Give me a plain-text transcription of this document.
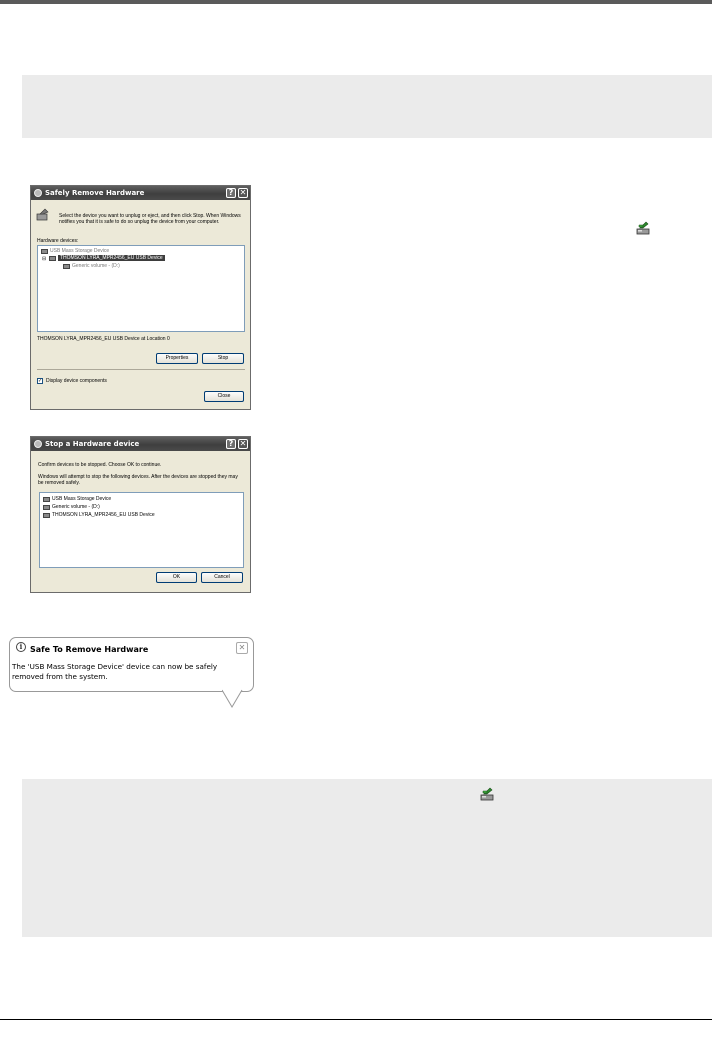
Safely Remove Hardware	? ✕
Select the device you want to unplug or eject, and then click Stop. When Windows notifies you that it is safe to do so unplug the device from your computer.
Hardware devices:
USB Mass Storage Device
⊟	THOMSON LYRA_MPR2456_EU USB Device
Generic volume - (D:)
THOMSON LYRA_MPR2456_EU USB Device at Location 0
Properties	Stop
✓ Display device components
Close
Stop a Hardware device	? ✕
Confirm devices to be stopped. Choose OK to continue.
Windows will attempt to stop the following devices. After the devices are stopped they may be removed safely.
USB Mass Storage Device
Generic volume - (D:)
THOMSON LYRA_MPR2456_EU USB Device
OK	Cancel
i Safe To Remove Hardware	✕
The 'USB Mass Storage Device' device can now be safely removed from the system.
